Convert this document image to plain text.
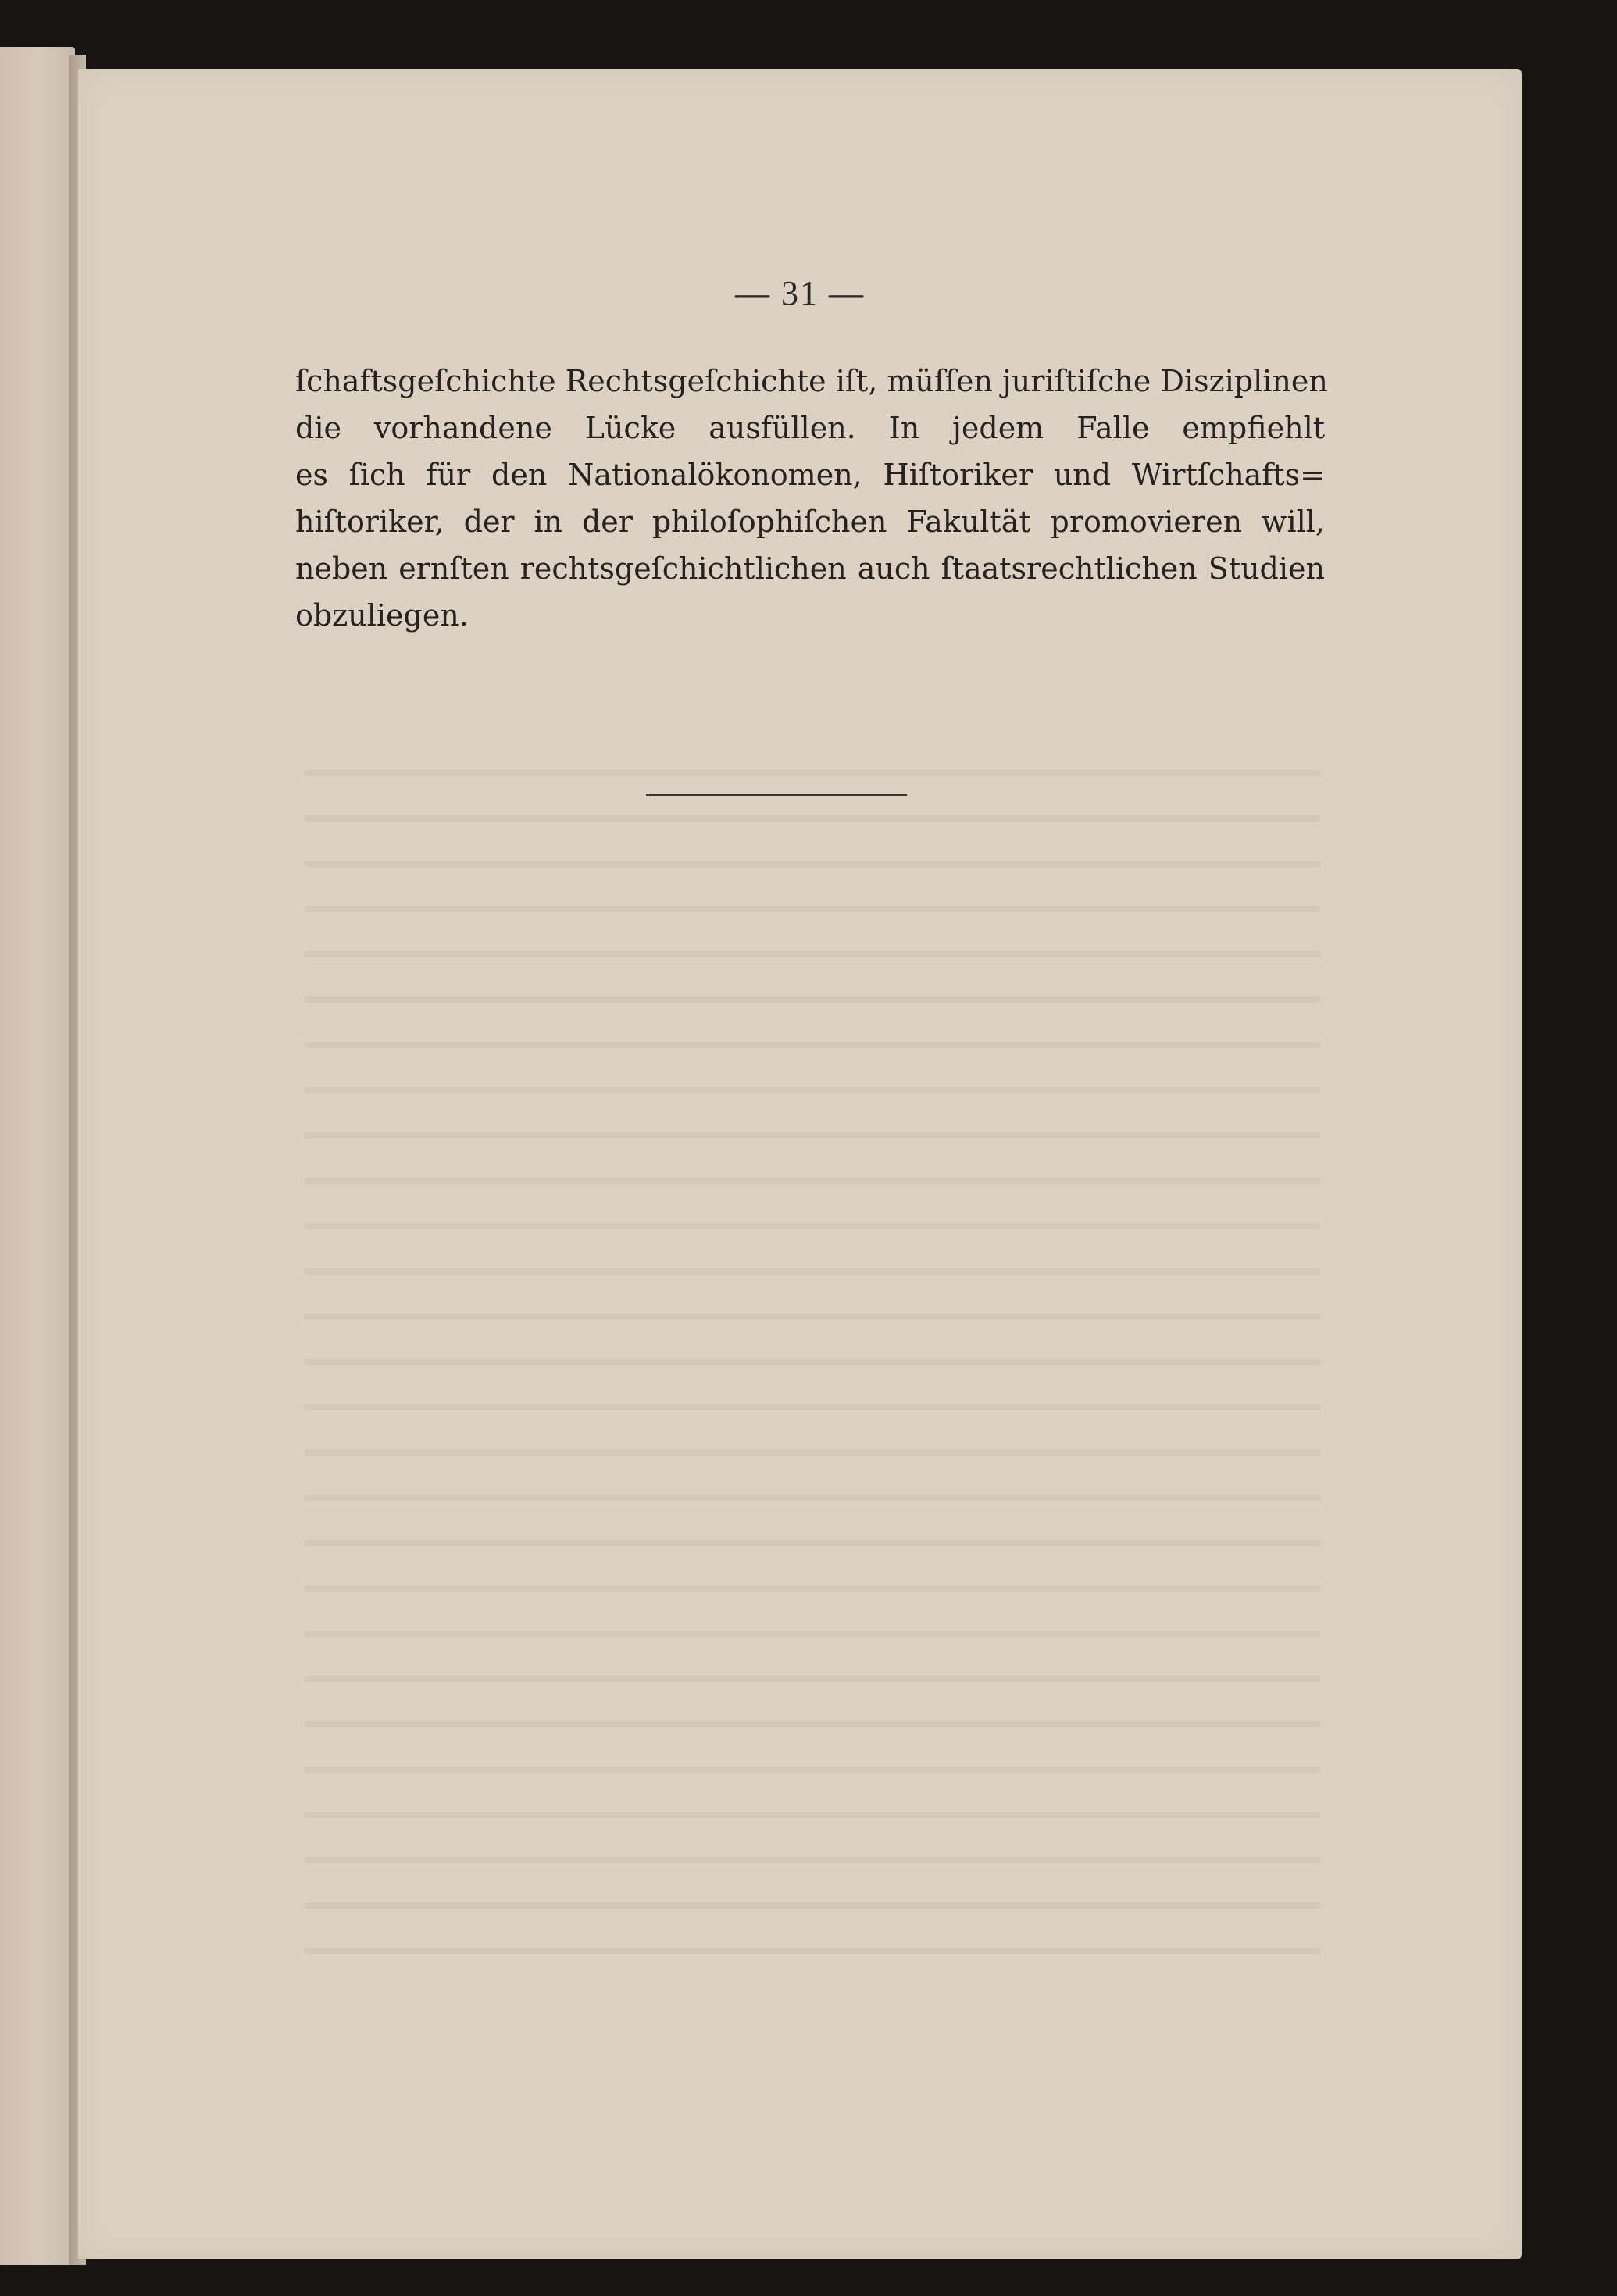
— 31 —

ſchaftsgeſchichte Rechtsgeſchichte iſt, müſſen juriſtiſche Disziplinen
die vorhandene Lücke ausfüllen. In jedem Falle empfiehlt
es ſich für den Nationalökonomen, Hiſtoriker und Wirtſchafts=
hiſtoriker, der in der philoſophiſchen Fakultät promovieren will,
neben ernſten rechtsgeſchichtlichen auch ſtaatsrechtlichen Studien
obzuliegen.
